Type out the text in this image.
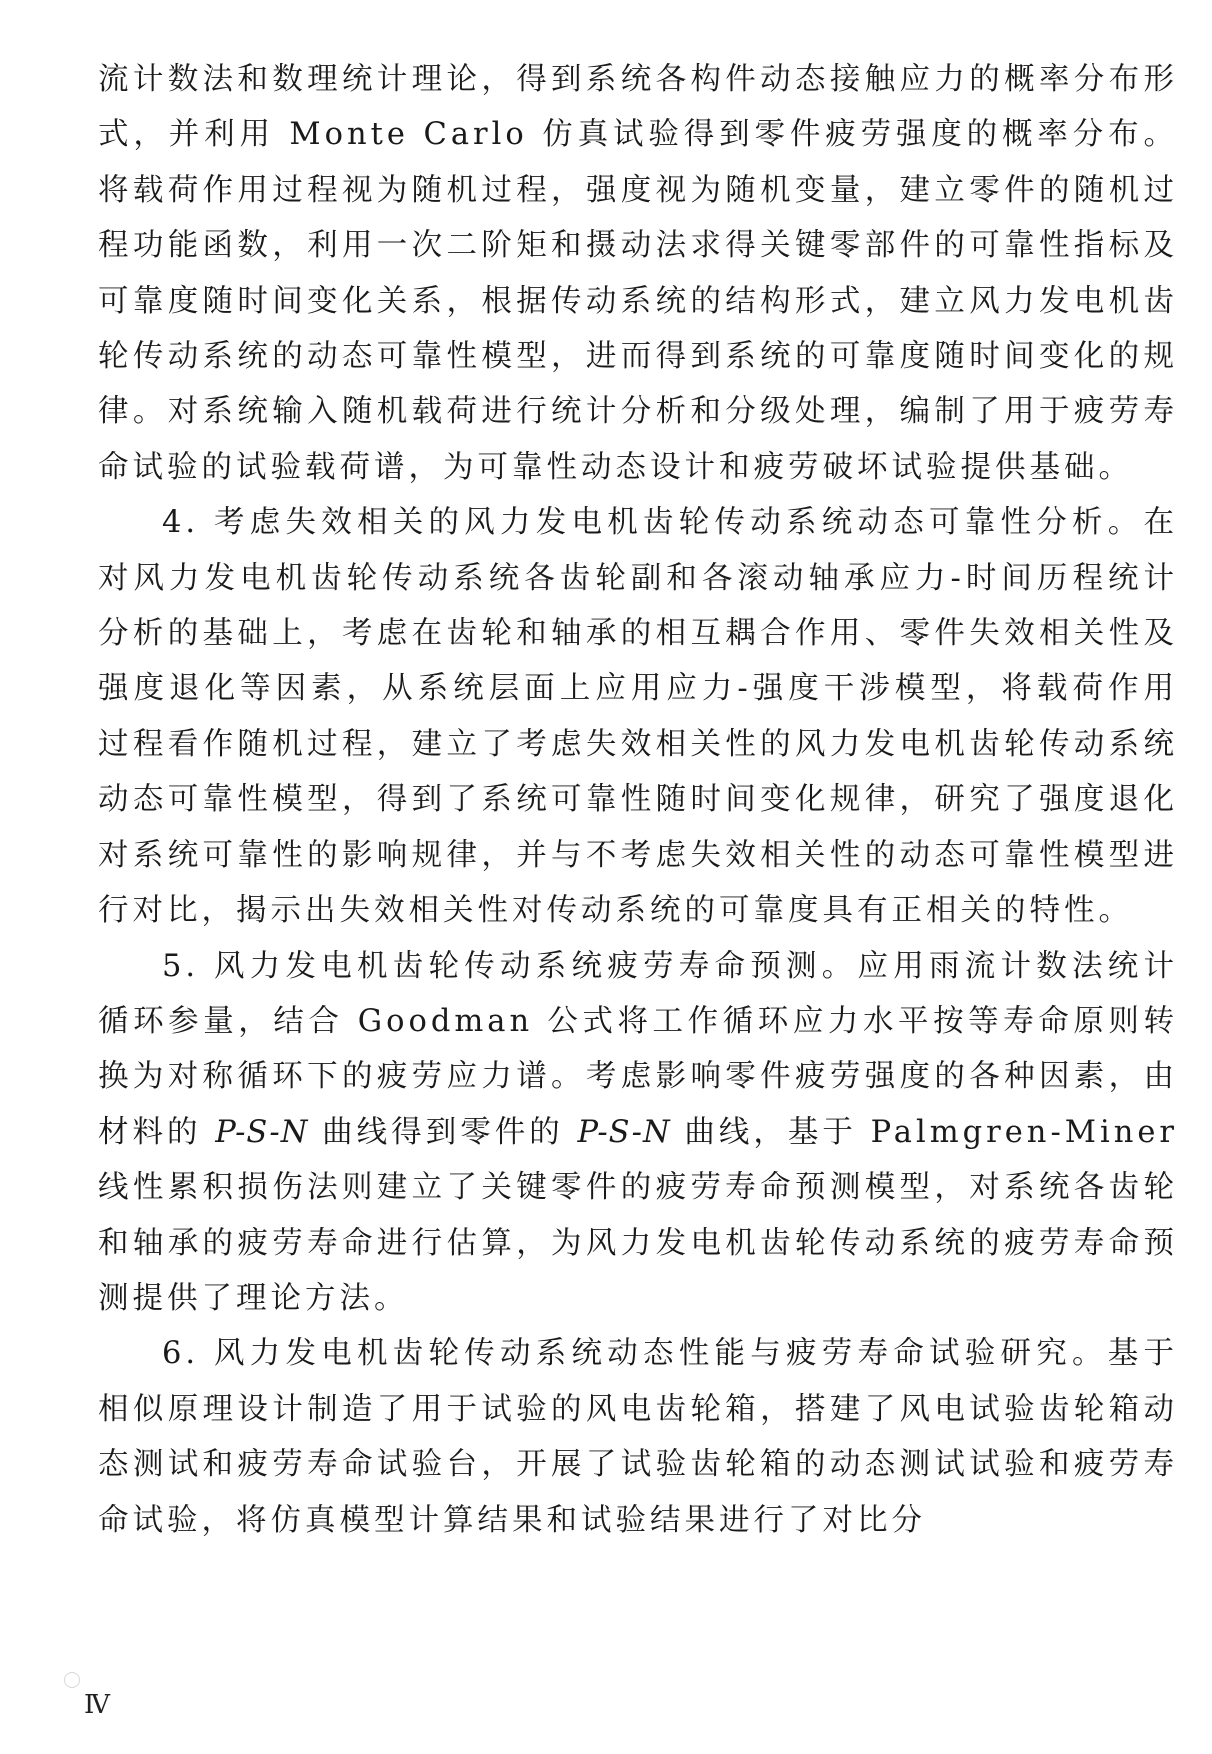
流计数法和数理统计理论，得到系统各构件动态接触应力的概率分布形式，并利用 Monte Carlo 仿真试验得到零件疲劳强度的概率分布。将载荷作用过程视为随机过程，强度视为随机变量，建立零件的随机过程功能函数，利用一次二阶矩和摄动法求得关键零部件的可靠性指标及可靠度随时间变化关系，根据传动系统的结构形式，建立风力发电机齿轮传动系统的动态可靠性模型，进而得到系统的可靠度随时间变化的规律。对系统输入随机载荷进行统计分析和分级处理，编制了用于疲劳寿命试验的试验载荷谱，为可靠性动态设计和疲劳破坏试验提供基础。

4. 考虑失效相关的风力发电机齿轮传动系统动态可靠性分析。在对风力发电机齿轮传动系统各齿轮副和各滚动轴承应力-时间历程统计分析的基础上，考虑在齿轮和轴承的相互耦合作用、零件失效相关性及强度退化等因素，从系统层面上应用应力-强度干涉模型，将载荷作用过程看作随机过程，建立了考虑失效相关性的风力发电机齿轮传动系统动态可靠性模型，得到了系统可靠性随时间变化规律，研究了强度退化对系统可靠性的影响规律，并与不考虑失效相关性的动态可靠性模型进行对比，揭示出失效相关性对传动系统的可靠度具有正相关的特性。

5. 风力发电机齿轮传动系统疲劳寿命预测。应用雨流计数法统计循环参量，结合 Goodman 公式将工作循环应力水平按等寿命原则转换为对称循环下的疲劳应力谱。考虑影响零件疲劳强度的各种因素，由材料的 P-S-N 曲线得到零件的 P-S-N 曲线，基于 Palmgren-Miner 线性累积损伤法则建立了关键零件的疲劳寿命预测模型，对系统各齿轮和轴承的疲劳寿命进行估算，为风力发电机齿轮传动系统的疲劳寿命预测提供了理论方法。

6. 风力发电机齿轮传动系统动态性能与疲劳寿命试验研究。基于相似原理设计制造了用于试验的风电齿轮箱，搭建了风电试验齿轮箱动态测试和疲劳寿命试验台，开展了试验齿轮箱的动态测试试验和疲劳寿命试验，将仿真模型计算结果和试验结果进行了对比分

Ⅳ
